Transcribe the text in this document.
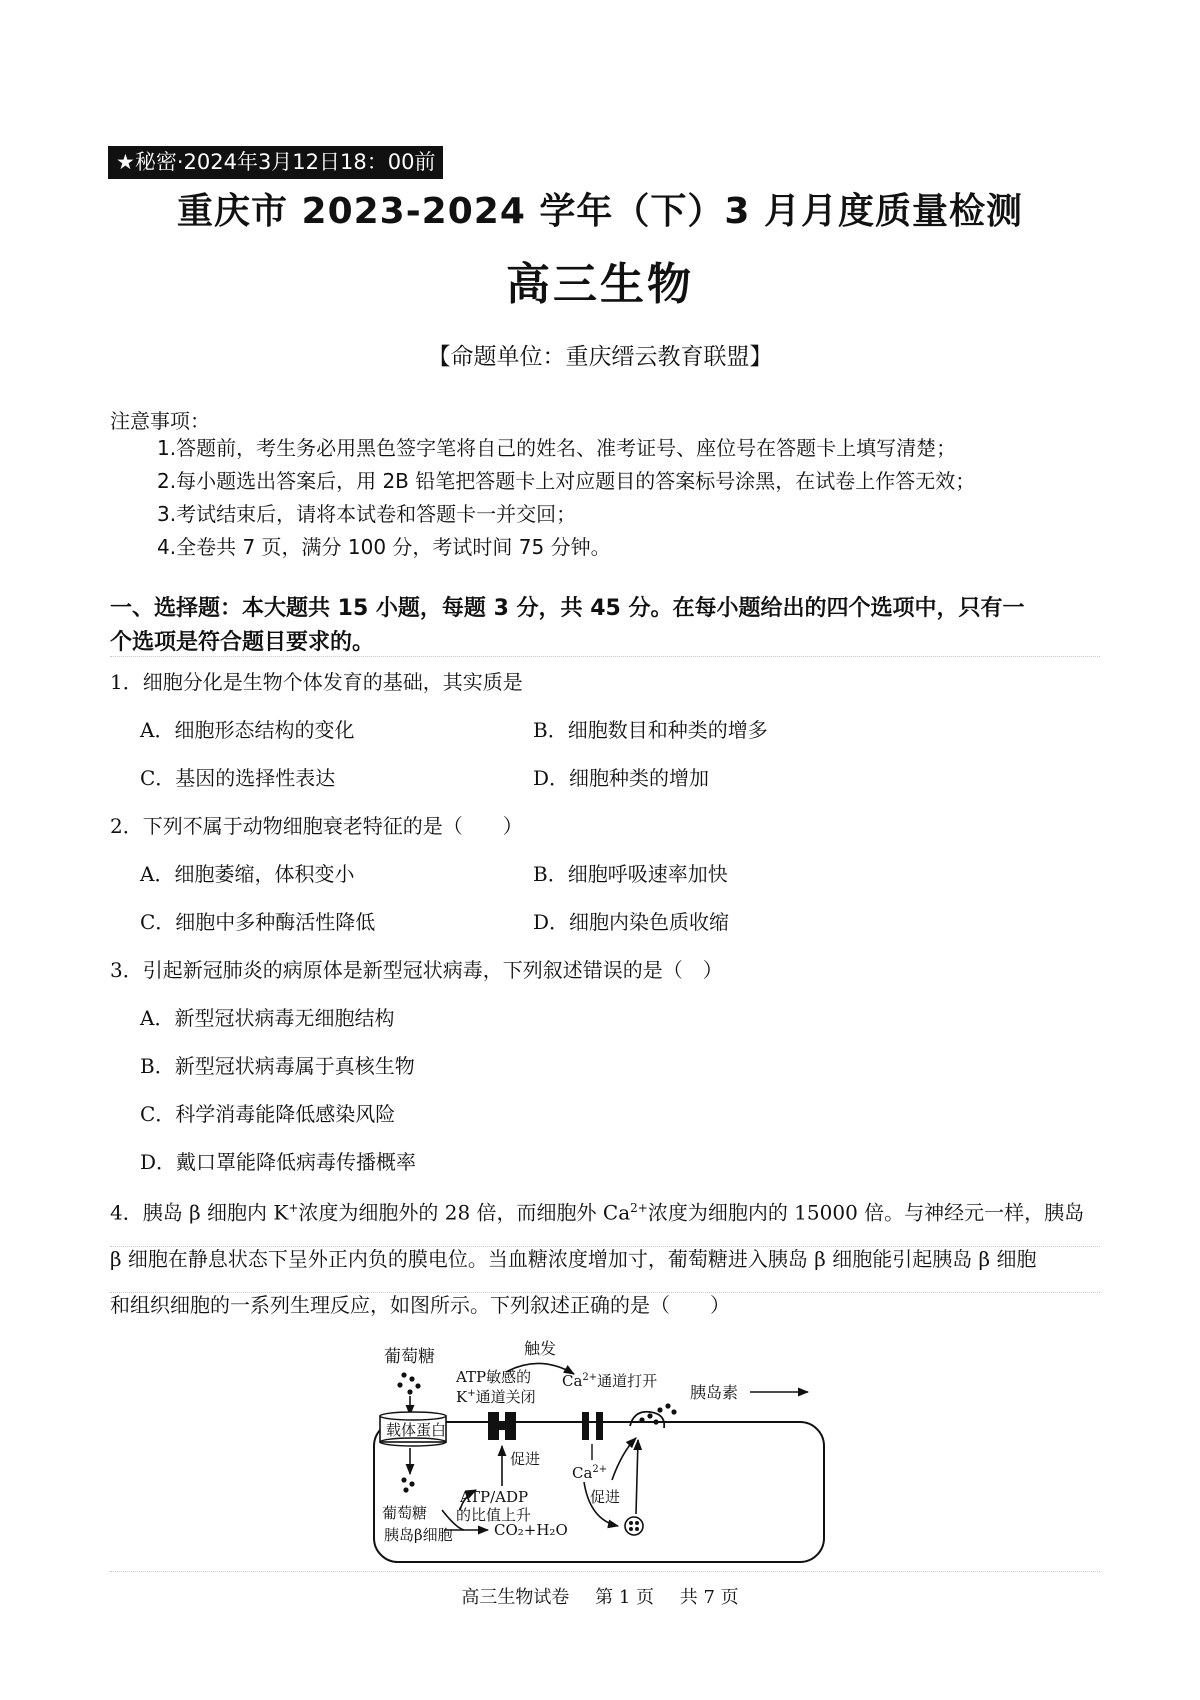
★秘密·2024年3月12日18：00前
重庆市 2023-2024 学年（下）3 月月度质量检测
高三生物
【命题单位：重庆缙云教育联盟】
注意事项：
1.答题前，考生务必用黑色签字笔将自己的姓名、准考证号、座位号在答题卡上填写清楚；
2.每小题选出答案后，用 2B 铅笔把答题卡上对应题目的答案标号涂黑，在试卷上作答无效；
3.考试结束后，请将本试卷和答题卡一并交回；
4.全卷共 7 页，满分 100 分，考试时间 75 分钟。
一、选择题：本大题共 15 小题，每题 3 分，共 45 分。在每小题给出的四个选项中，只有一
个选项是符合题目要求的。
1．细胞分化是生物个体发育的基础，其实质是
A．细胞形态结构的变化	B．细胞数目和种类的增多
C．基因的选择性表达	D．细胞种类的增加
2．下列不属于动物细胞衰老特征的是（　　）
A．细胞萎缩，体积变小	B．细胞呼吸速率加快
C．细胞中多种酶活性降低	D．细胞内染色质收缩
3．引起新冠肺炎的病原体是新型冠状病毒，下列叙述错误的是（　）
A．新型冠状病毒无细胞结构
B．新型冠状病毒属于真核生物
C．科学消毒能降低感染风险
D．戴口罩能降低病毒传播概率
4．胰岛 β 细胞内 K+浓度为细胞外的 28 倍，而细胞外 $Ca^{2+}$浓度为细胞内的 15000 倍。与神经元一样，胰岛
β 细胞在静息状态下呈外正内负的膜电位。当血糖浓度增加寸，葡萄糖进入胰岛 β 细胞能引起胰岛 β 细胞
和组织细胞的一系列生理反应，如图所示。下列叙述正确的是（　　）
葡萄糖
载体蛋白
ATP敏感的
K+通道关闭
触发
$Ca^{2+}$通道打开
胰岛素
促进
ATP/ADP
的比值上升
葡萄糖
胰岛β细胞	CO₂+H₂O
$Ca^{2+}$
促进
高三生物试卷 第 1 页 共 7 页
